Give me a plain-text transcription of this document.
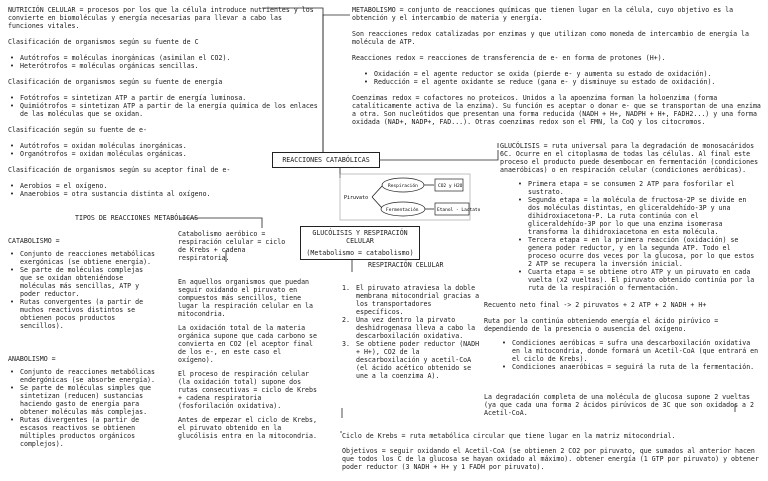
NUTRICIÓN CELULAR = procesos por los que la célula introduce nutrientes y los convierte en biomoléculas y energía necesarias para llevar a cabo las funciones vitales.

Clasificación de organismos según su fuente de C

• Autótrofos = moléculas inorgánicas (asimilan el CO2).
• Heterótrofos = moléculas orgánicas sencillas.

Clasificación de organismos según su fuente de energía

• Fotótrofos = sintetizan ATP a partir de energía luminosa.
• Quimiótrofos = sintetizan ATP a partir de la energía química de los enlaces de las moléculas que se oxidan.

Clasificación según su fuente de e-

• Autótrofos = oxidan moléculas inorgánicas.
• Organótrofos = oxidan moléculas orgánicas.

Clasificación de organismos según su aceptor final de e-

• Aerobios = el oxígeno.
• Anaerobios = otra sustancia distinta al oxígeno.
TIPOS DE REACCIONES METABÓLICAS

CATABOLISMO =

• Conjunto de reacciones metabólicas exergónicas (se obtiene energía).
• Se parte de moléculas complejas que se oxidan obteniéndose moléculas más sencillas, ATP y poder reductor.
• Rutas convergentes (a partir de muchos reactivos distintos se obtienen pocos productos sencillos).

ANABOLISMO =

• Conjunto de reacciones metabólicas endergónicas (se absorbe energía).
• Se parte de moléculas simples que sintetizan (reducen) sustancias haciendo gasto de energía para obtener moléculas más complejas.
• Rutas divergentes (a partir de escasos reactivos se obtienen múltiples productos orgánicos complejos).

Catabolismo aeróbico = respiración celular = ciclo de Krebs + cadena respiratoria.

En aquellos organismos que puedan seguir oxidando el piruvato en compuestos más sencillos, tiene lugar la respiración celular en la mitocondria.

La oxidación total de la materia orgánica supone que cada carbono se convierta en CO2 (el aceptor final de los e-, en este caso el oxígeno).

El proceso de respiración celular (la oxidación total) supone dos rutas consecutivas = ciclo de Krebs + cadena respiratoria (fosforilación oxidativa).

Antes de empezar el ciclo de Krebs, el piruvato obtenido en la glucólisis entra en la mitocondria.

METABOLISMO = conjunto de reacciones químicas que tienen lugar en la célula, cuyo objetivo es la obtención y el intercambio de materia y energía.

Son reacciones redox catalizadas por enzimas y que utilizan como moneda de intercambio de energía la molécula de ATP.

Reacciones redox = reacciones de transferencia de e- en forma de protones (H+).

• Oxidación = el agente reductor se oxida (pierde e- y aumenta su estado de oxidación).
• Reducción = el agente oxidante se reduce (gana e- y disminuye su estado de oxidación).

Coenzimas redox = cofactores no proteicos. Unidos a la apoenzima forman la holoenzima (forma catalíticamente activa de la enzima). Su función es aceptar o donar e- que se transportan de una enzima a otra. Son nucleótidos que presentan una forma reducida (NADH + H+, NADPH + H+, FADH2...) y una forma oxidada (NAD+, NADP+, FAD...). Otras coenzimas redox son el FMN, la CoQ y los citocromos.

REACCIONES CATABÓLICAS
Piruvato
Respiración
Fermentación
CO2 y H2O
Etanol - Lactato
GLUCÓLISIS Y RESPIRACIÓN CELULAR
(Metabolismo = catabolismo)
RESPIRACIÓN CELULAR
El piruvato atraviesa la doble membrana mitocondrial gracias a los transportadores específicos.
Una vez dentro la pirvato deshidrogenasa lleva a cabo la descarboxilación oxidativa.
Se obtiene poder reductor (NADH + H+), CO2 de la descarboxilación y acetil-CoA (el ácido acético obtenido se une a la coenzima A).
Ciclo de Krebs = ruta metabólica circular que tiene lugar en la matriz mitocondrial.
Objetivos = seguir oxidando el Acetil-CoA (se obtienen 2 CO2 por piruvato, que sumados al anterior hacen que todos los C de la glucosa se hayan oxidado al máximo). obtener energía (1 GTP por piruvato) y obtener poder reductor (3 NADH + H+ y 1 FADH por piruvato).

GLUCÓLISIS = ruta universal para la degradación de monosacáridos 6C. Ocurre en el citoplasma de todas las células. Al final este proceso el producto puede desembocar en fermentación (condiciones anaeróbicas) o en respiración celular (condiciones aeróbicas).

• Primera etapa = se consumen 2 ATP para fosforilar el sustrato.
• Segunda etapa = la molécula de fructosa-2P se divide en dos moléculas distintas, en gliceraldehído-3P y una dihidroxiacetona-P. La ruta continúa con el gliceraldehído-3P por lo que una enzima isomerasa transforma la dihidroxiacetona en esta molécula.
• Tercera etapa = en la primera reacción (oxidación) se genera poder reductor, y en la segunda ATP. Todo el proceso ocurre dos veces por la glucosa, por lo que estos 2 ATP se recupera la inversión inicial.
• Cuarta etapa = se obtiene otro ATP y un piruvato en cada vuelta (x2 vueltas). El piruvato obtenido continúa por la ruta de la respiración o fermentación.
Recuento neto final -> 2 piruvatos + 2 ATP + 2 NADH + H+

Ruta por la continúa obteniendo energía el ácido pirúvico = dependiendo de la presencia o ausencia del oxígeno.

• Condiciones aeróbicas = sufra una descarboxilación oxidativa en la mitocondria, donde formará un Acetil-CoA (que entrará en el ciclo de Krebs).
• Condiciones anaeróbicas = seguirá la ruta de la fermentación.
La degradación completa de una molécula de glucosa supone 2 vueltas (ya que cada una forma 2 ácidos pirúvicos de 3C que son oxidados a 2 Acetil-CoA.
